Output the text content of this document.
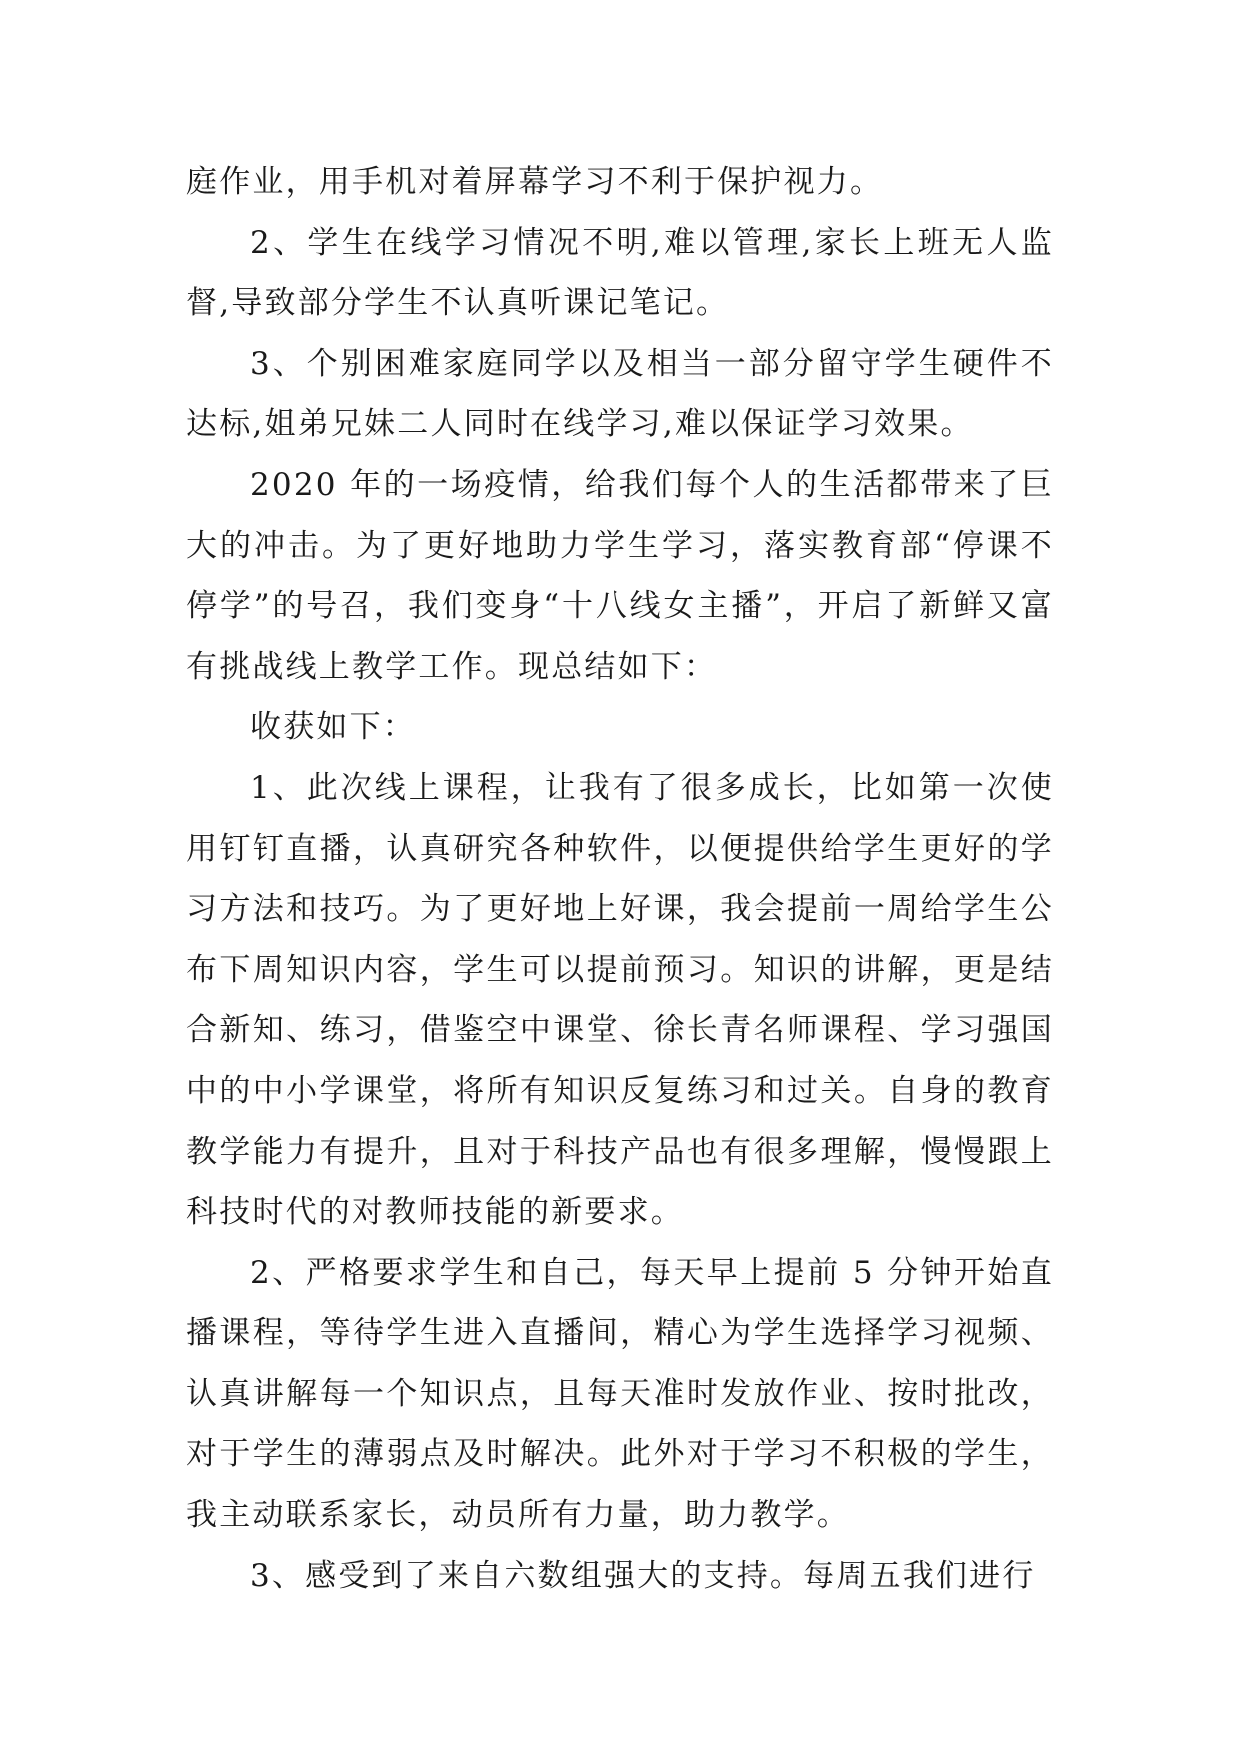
庭作业，用手机对着屏幕学习不利于保护视力。

2、学生在线学习情况不明,难以管理,家长上班无人监督,导致部分学生不认真听课记笔记。

3、个别困难家庭同学以及相当一部分留守学生硬件不达标,姐弟兄妹二人同时在线学习,难以保证学习效果。

2020 年的一场疫情，给我们每个人的生活都带来了巨大的冲击。为了更好地助力学生学习，落实教育部“停课不停学”的号召，我们变身“十八线女主播”，开启了新鲜又富有挑战线上教学工作。现总结如下：

收获如下：

1、此次线上课程，让我有了很多成长，比如第一次使用钉钉直播，认真研究各种软件，以便提供给学生更好的学习方法和技巧。为了更好地上好课，我会提前一周给学生公布下周知识内容，学生可以提前预习。知识的讲解，更是结合新知、练习，借鉴空中课堂、徐长青名师课程、学习强国中的中小学课堂，将所有知识反复练习和过关。自身的教育教学能力有提升，且对于科技产品也有很多理解，慢慢跟上科技时代的对教师技能的新要求。

2、严格要求学生和自己，每天早上提前 5 分钟开始直播课程，等待学生进入直播间，精心为学生选择学习视频、认真讲解每一个知识点，且每天准时发放作业、按时批改，对于学生的薄弱点及时解决。此外对于学习不积极的学生，我主动联系家长，动员所有力量，助力教学。

3、感受到了来自六数组强大的支持。每周五我们进行
